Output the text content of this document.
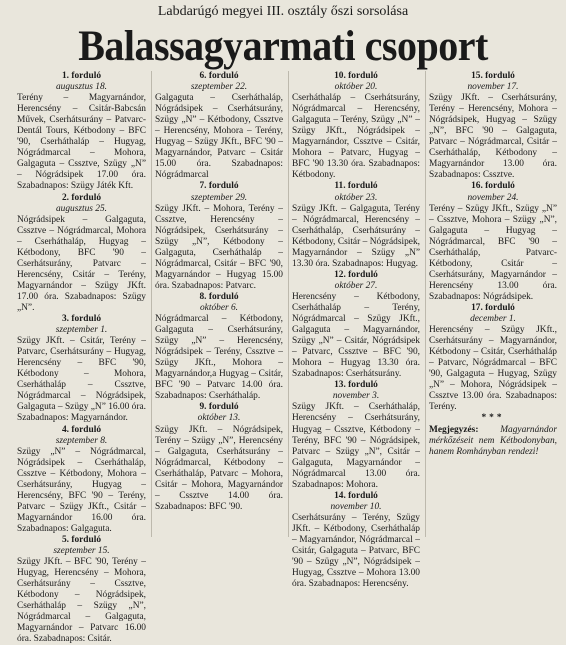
Labdarúgó megyei III. osztály őszi sorsolása
Balassagyarmati csoport
1. forduló
augusztus 18.
Terény – Magyarnándor, Herencsény – Csitár-Babcsán Művek, Cserhátsurány – Patvarc-Dentál Tours, Kétbodony – BFC '90, Cserháthaláp – Hugyag, Nógrádmarcal – Mohora, Galgaguta – Cssztve, Szügy „N” – Nógrádsipek 17.00 óra. Szabadnapos: Szügy Játék Kft.
2. forduló
augusztus 25.
Nógrádsipek – Galgaguta, Cssztve – Nógrádmarcal, Mohora – Cserháthaláp, Hugyag – Kétbodony, BFC '90 – Cserhátsurány, Patvarc – Herencsény, Csitár – Terény, Magyarnándor – Szügy JKft. 17.00 óra. Szabadnapos: Szügy „N”.
3. forduló
szeptember 1.
Szügy JKft. – Csitár, Terény – Patvarc, Cserhátsurány – Hugyag, Herencsény – BFC '90, Kétbodony – Mohora, Cserháthaláp – Cssztve, Nógrádmarcal – Nógrádsipek, Galgaguta – Szügy „N” 16.00 óra. Szabadnapos: Magyarnándor.
4. forduló
szeptember 8.
Szügy „N” – Nógrádmarcal, Nógrádsipek – Cserháthaláp, Cssztve – Kétbodony, Mohora – Cserhátsurány, Hugyag – Herencsény, BFC '90 – Terény, Patvarc – Szügy JKft., Csitár – Magyarnándor 16.00 óra. Szabadnapos: Galgaguta.
5. forduló
szeptember 15.
Szügy JKft. – BFC '90, Terény – Hugyag, Herencsény – Mohora, Cserhátsurány – Cssztve, Kétbodony – Nógrádsipek, Cserháthaláp – Szügy „N”, Nógrádmarcal – Galgaguta, Magyarnándor – Patvarc 16.00 óra. Szabadnapos: Csitár.
6. forduló
szeptember 22.
Galgaguta – Cserháthaláp, Nógrádsipek – Cserhátsurány, Szügy „N” – Kétbodony, Cssztve – Herencsény, Mohora – Terény, Hugyag – Szügy JKft., BFC '90 – Magyarnándor, Patvarc – Csitár 15.00 óra. Szabadnapos: Nógrádmarcal
7. forduló
szeptember 29.
Szügy JKft. – Mohora, Terény – Cssztve, Herencsény – Nógrádsipek, Cserhátsurány – Szügy „N”, Kétbodony – Galgaguta, Cserháthaláp – Nógrádmarcal, Csitár – BFC '90, Magyarnándor – Hugyag 15.00 óra. Szabadnapos: Patvarc.
8. forduló
október 6.
Nógrádmarcal – Kétbodony, Galgaguta – Cserhátsurány, Szügy „N” – Herencsény, Nógrádsipek – Terény, Cssztve – Szügy JKft., Mohora – Magyarnándor,a Hugyag – Csitár, BFC '90 – Patvarc 14.00 óra. Szabadnapos: Cserháthaláp.
9. forduló
október 13.
Szügy JKft. – Nógrádsipek, Terény – Szügy „N”, Herencsény – Galgaguta, Cserhátsurány – Nógrádmarcal, Kétbodony – Cserháthaláp, Patvarc – Mohora, Csitár – Mohora, Magyarnándor – Cssztve 14.00 óra. Szabadnapos: BFC '90.
10. forduló
október 20.
Cserháthaláp – Cserhátsurány, Nógrádmarcal – Herencsény, Galgaguta – Terény, Szügy „N” – Szügy JKft., Nógrádsipek – Magyarnándor, Cssztve – Csitár, Mohora – Patvarc, Hugyag – BFC '90 13.30 óra. Szabadnapos: Kétbodony.
11. forduló
október 23.
Szügy JKft. – Galgaguta, Terény – Nógrádmarcal, Herencsény – Cserháthaláp, Cserhátsurány – Kétbodony, Csitár – Nógrádsipek, Magyarnándor – Szügy „N” 13.30 óra. Szabadnapos: Hugyag.
12. forduló
október 27.
Herencsény – Kétbodony, Cserháthaláp – Terény, Nógrádmarcal – Szügy JKft., Galgaguta – Magyarnándor, Szügy „N” – Csitár, Nógrádsipek – Patvarc, Cssztve – BFC '90, Mohora – Hugyag 13.30 óra. Szabadnapos: Cserhátsurány.
13. forduló
november 3.
Szügy JKft. – Cserháthaláp, Herencsény – Cserhátsurány, Hugyag – Cssztve, Kétbodony – Terény, BFC '90 – Nógrádsipek, Patvarc – Szügy „N”, Csitár – Galgaguta, Magyarnándor – Nógrádmarcal 13.00 óra. Szabadnapos: Mohora.
14. forduló
november 10.
Cserhátsurány – Terény, Szügy JKft. – Kétbodony, Cserháthaláp – Magyarnándor, Nógrádmarcal – Csitár, Galgaguta – Patvarc, BFC '90 – Szügy „N”, Nógrádsipek – Hugyag, Cssztve – Mohora 13.00 óra. Szabadnapos: Herencsény.
15. forduló
november 17.
Szügy JKft. – Cserhátsurány, Terény – Herencsény, Mohora – Nógrádsipek, Hugyag – Szügy „N”, BFC '90 – Galgaguta, Patvarc – Nógrádmarcal, Csitár – Cserháthaláp, Kétbodony – Magyarnándor 13.00 óra. Szabadnapos: Cssztve.
16. forduló
november 24.
Terény – Szügy JKft., Szügy „N” – Cssztve, Mohora – Szügy „N”, Galgaguta – Hugyag – Nógrádmarcal, BFC '90 – Cserháthaláp, Patvarc-Kétbodony, Csitár – Cserhátsurány, Magyarnándor – Herencsény 13.00 óra. Szabadnapos: Nógrádsipek.
17. forduló
december 1.
Herencsény – Szügy JKft., Cserhátsurány – Magyarnándor, Kétbodony – Csitár, Cserháthaláp – Patvarc, Nógrádmarcal – BFC '90, Galgaguta – Hugyag, Szügy „N” – Mohora, Nógrádsipek – Cssztve 13.00 óra. Szabadnapos: Terény.
***
Megjegyzés: Magyarnándor mérkőzéseit nem Kétbodonyban, hanem Romhányban rendezi!
